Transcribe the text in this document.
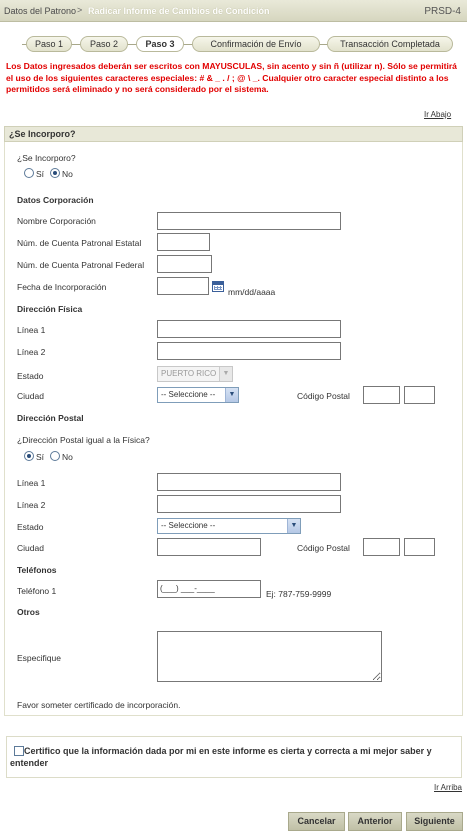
Datos del Patrono > Radicar Informe de Cambios de Condición	PRSD-4
Paso 1	Paso 2	Paso 3	Confirmación de Envío	Transacción Completada
Los Datos ingresados deberán ser escritos con MAYUSCULAS, sin acento y sin ñ (utilizar n). Sólo se permitirá el uso de los siguientes caracteres especiales: # & _ . / ; @ \ _. Cualquier otro caracter especial distinto a los permitidos será eliminado y no será considerado por el sistema.
Ir Abajo
¿Se Incorporo?
¿Se Incorporo?
Sí No
Datos Corporación
Nombre Corporación
Núm. de Cuenta Patronal Estatal
Núm. de Cuenta Patronal Federal
Fecha de Incorporación	mm/dd/aaaa
Dirección Física
Línea 1
Línea 2
Estado	PUERTO RICO ▼
Ciudad	-- Seleccione --	▼	Código Postal
Dirección Postal
¿Dirección Postal igual a la Física?
Sí No
Línea 1
Línea 2
Estado	-- Seleccione --	▼
Ciudad	Código Postal
Teléfonos
Teléfono 1	(___) ___-____
Ej: 787-759-9999
Otros
Especifique
Favor someter certificado de incorporación.
Certifico que la información dada por mi en este informe es cierta y correcta a mi mejor saber y entender
Ir Arriba
Cancelar	Anterior	Siguiente
